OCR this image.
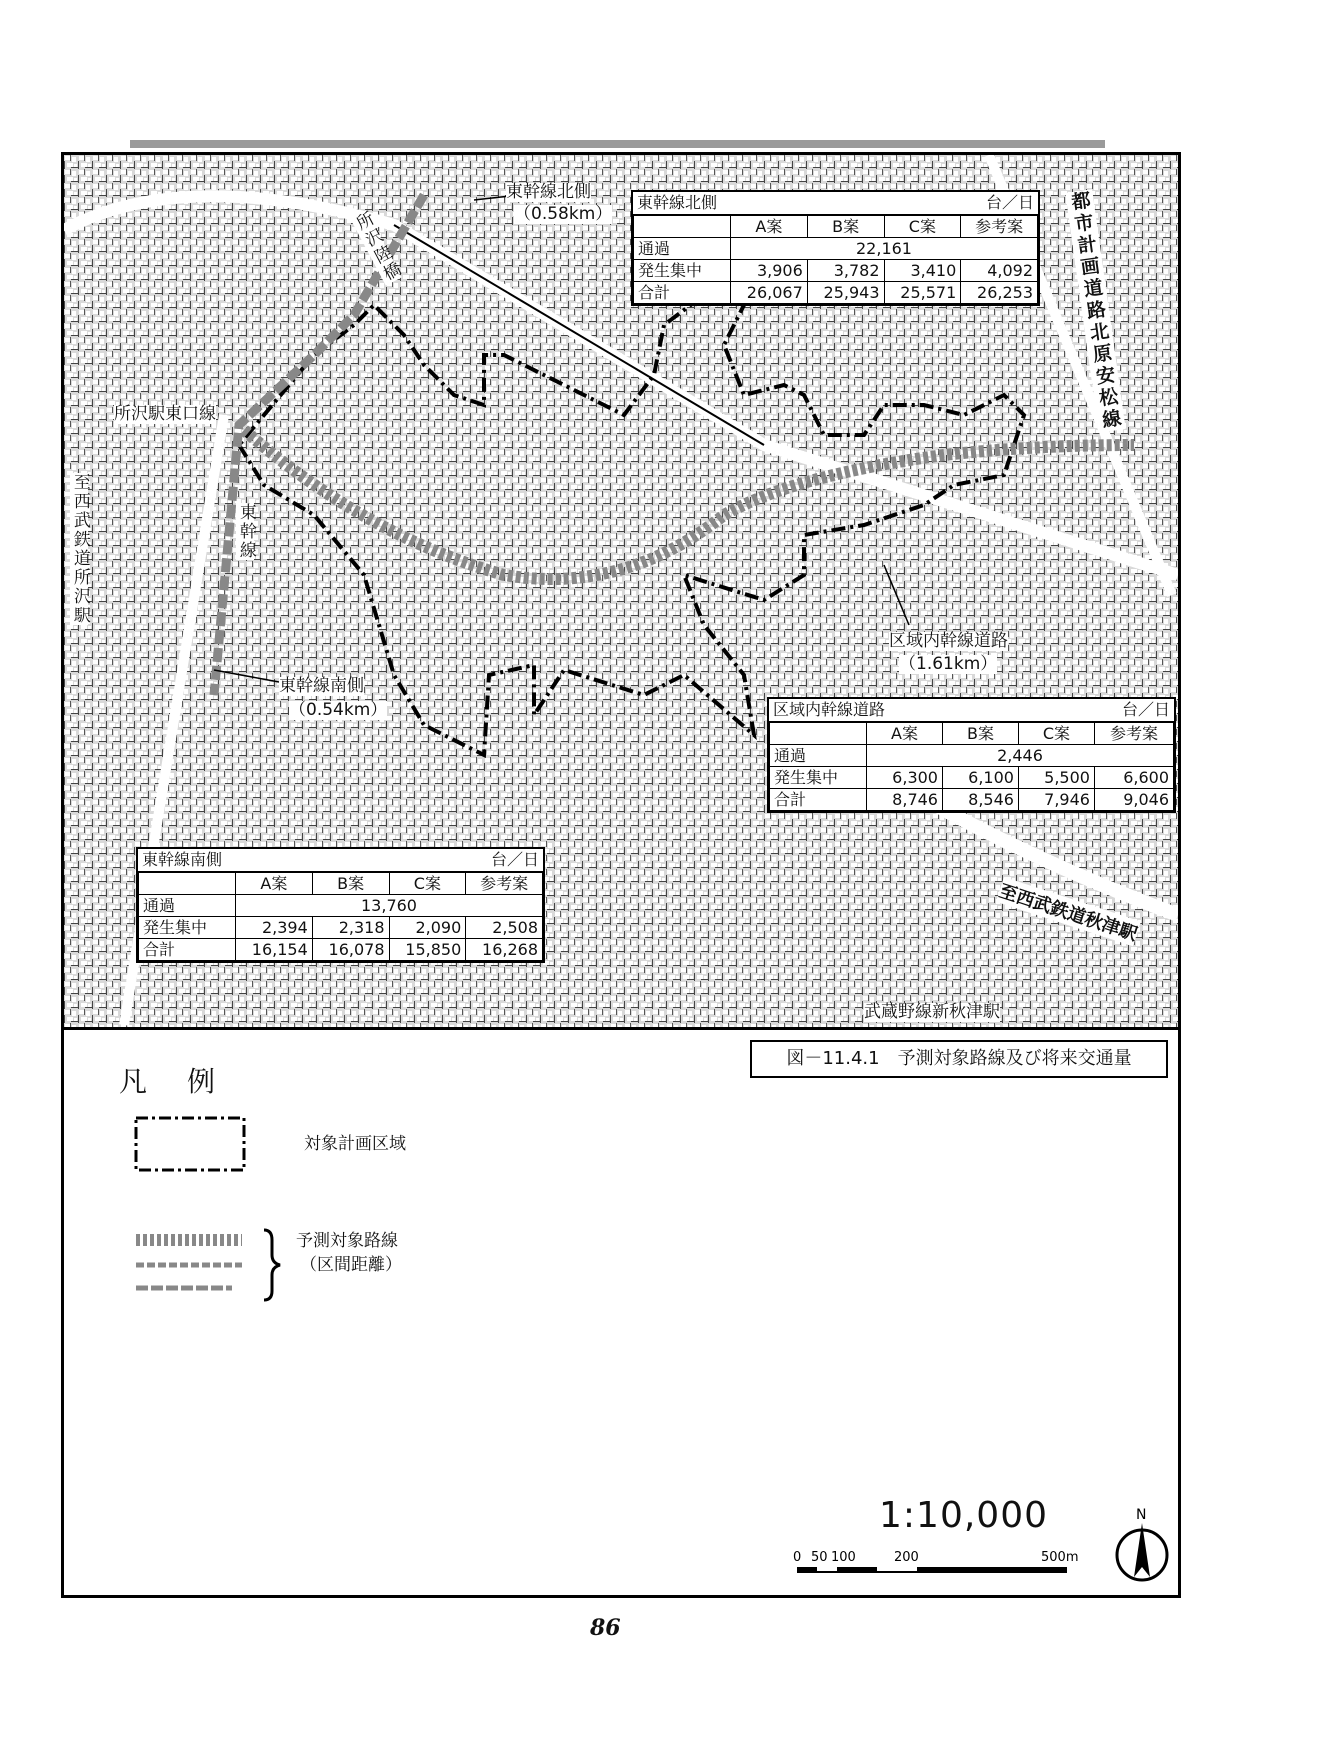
東幹線北側
（0.58km）
東幹線南側
（0.54km）
区域内幹線道路
（1.61km）
所沢駅東口線
至西武鉄道所沢駅
所沢陸橋
東幹線
都市計画道路北原安松線
至西武鉄道秋津駅
武蔵野線新秋津駅
東幹線北側	台／日
	A案	B案	C案	参考案
通過	22,161			
発生集中	3,906	3,782	3,410	4,092
合計	26,067	25,943	25,571	26,253
区域内幹線道路	台／日
	A案	B案	C案	参考案
通過	2,446			
発生集中	6,300	6,100	5,500	6,600
合計	8,746	8,546	7,946	9,046
東幹線南側	台／日
	A案	B案	C案	参考案
通過	13,760			
発生集中	2,394	2,318	2,090	2,508
合計	16,154	16,078	15,850	16,268
図－11.4.1　予測対象路線及び将来交通量
凡例
対象計画区域
予測対象路線
（区間距離）
1:10,000
0 50 100	200	500m
N
86
